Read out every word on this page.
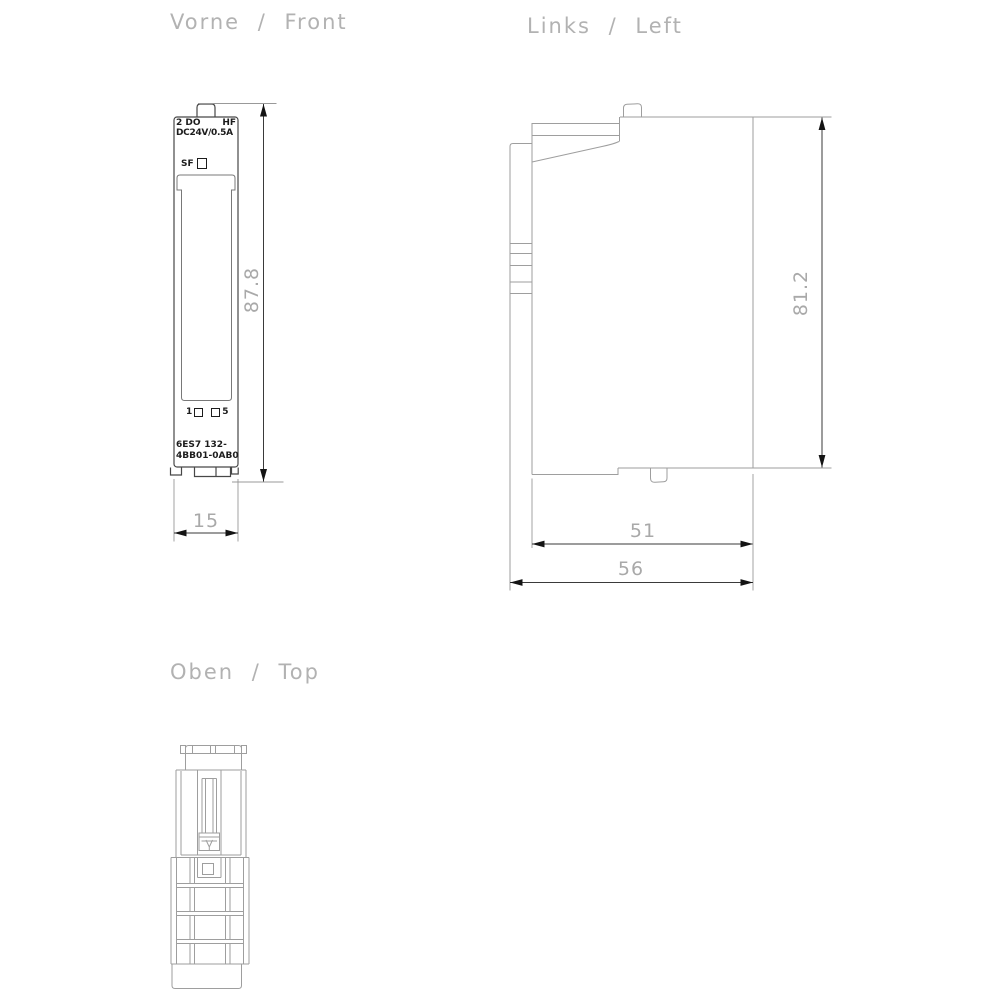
Vorne / Front	Links / Left
Oben / Top
2 DO HF
DC24V/0.5A
SF
1	5
6ES7 132-
4BB01-0AB0
87.8
15
81.2
51
56
